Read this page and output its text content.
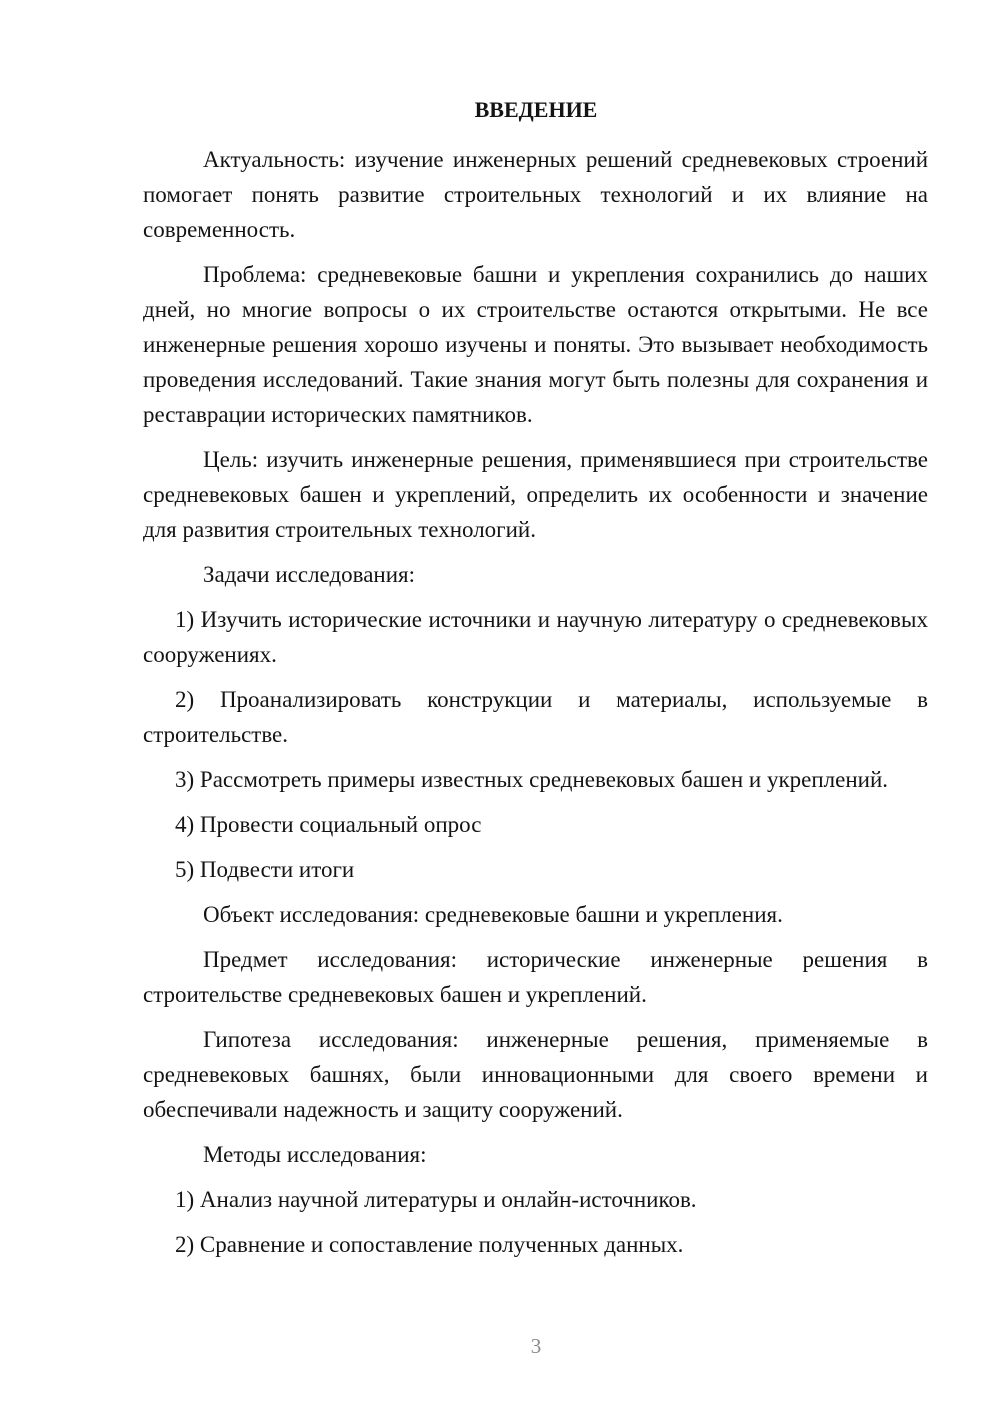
ВВЕДЕНИЕ

Актуальность: изучение инженерных решений средневековых строений помогает понять развитие строительных технологий и их влияние на современность.

Проблема: средневековые башни и укрепления сохранились до наших дней, но многие вопросы о их строительстве остаются открытыми. Не все инженерные решения хорошо изучены и поняты. Это вызывает необходимость проведения исследований. Такие знания могут быть полезны для сохранения и реставрации исторических памятников.

Цель: изучить инженерные решения, применявшиеся при строительстве средневековых башен и укреплений, определить их особенности и значение для развития строительных технологий.

Задачи исследования:

1) Изучить исторические источники и научную литературу о средневековых сооружениях.

2) Проанализировать конструкции и материалы, используемые в строительстве.

3) Рассмотреть примеры известных средневековых башен и укреплений.

4) Провести социальный опрос

5) Подвести итоги

Объект исследования: средневековые башни и укрепления.

Предмет исследования: исторические инженерные решения в строительстве средневековых башен и укреплений.

Гипотеза исследования: инженерные решения, применяемые в средневековых башнях, были инновационными для своего времени и обеспечивали надежность и защиту сооружений.

Методы исследования:

1) Анализ научной литературы и онлайн-источников.

2) Сравнение и сопоставление полученных данных.

3
